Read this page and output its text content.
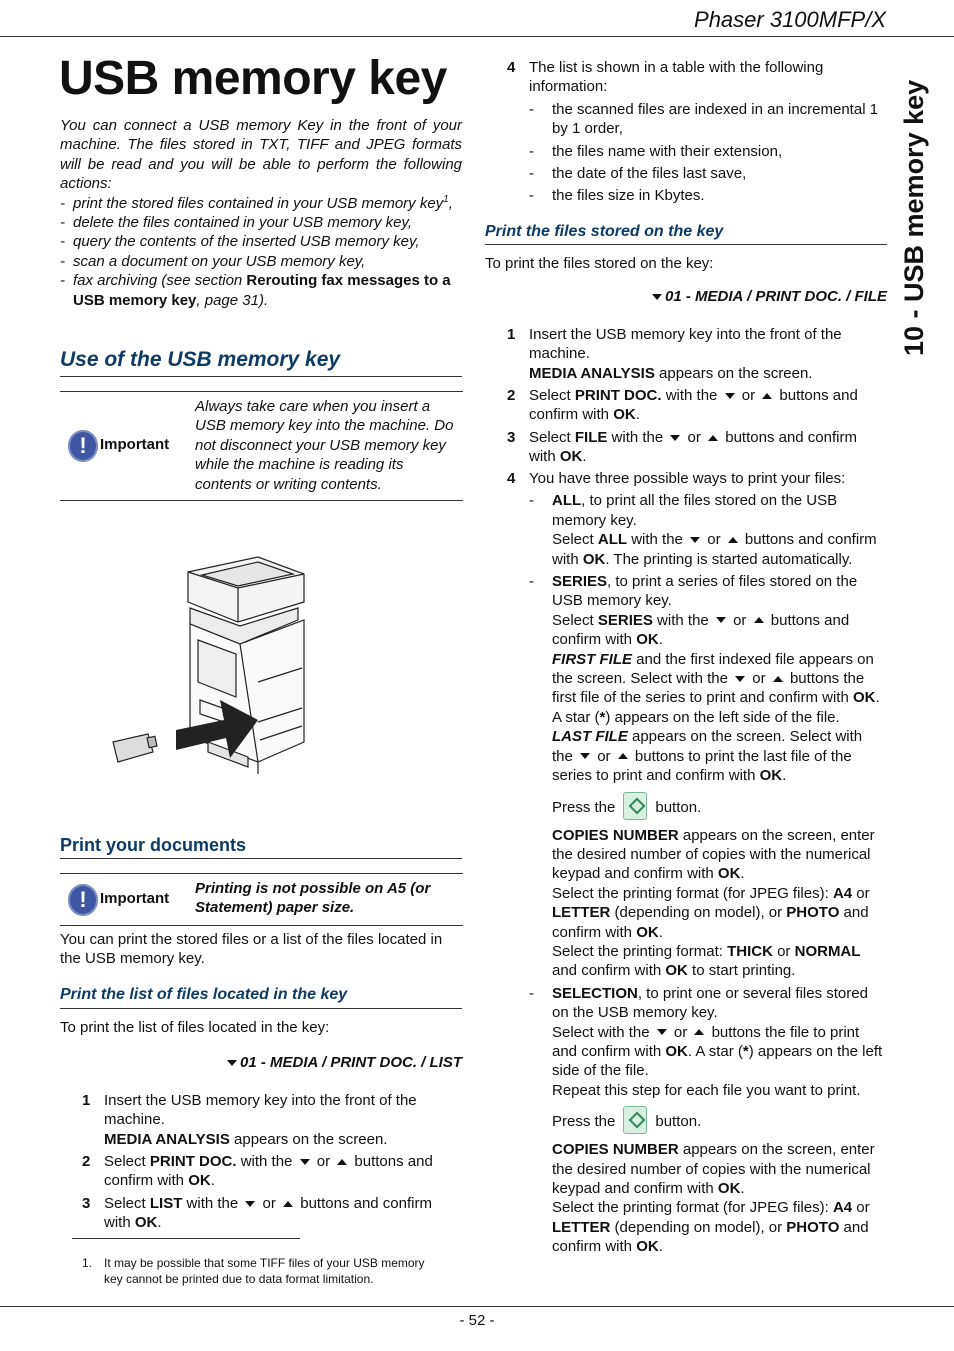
Phaser 3100MFP/X
10 - USB memory key
USB memory key

You can connect a USB memory Key in the front of your machine. The files stored in TXT, TIFF and JPEG formats will be read and you will be able to perform the following actions:

- print the stored files contained in your USB memory key$^1$,
- delete the files contained in your USB memory key,
- query the contents of the inserted USB memory key,
- scan a document on your USB memory key,
- fax archiving (see section Rerouting fax messages to a USB memory key, page 31).
Use of the USB memory key
! Important
Always take care when you insert a USB memory key into the machine. Do not disconnect your USB memory key while the machine is reading its contents or writing contents.
Print your documents
! Important
Printing is not possible on A5 (or Statement) paper size.
You can print the stored files or a list of the files located in the USB memory key.
Print the list of files located in the key
To print the list of files located in the key:
01 - MEDIA / PRINT DOC. / LIST
1 Insert the USB memory key into the front of the machine.
MEDIA ANALYSIS appears on the screen.
2 Select PRINT DOC. with the  or  buttons and confirm with OK.
3 Select LIST with the  or  buttons and confirm with OK.
1. It may be possible that some TIFF files of your USB memory key cannot be printed due to data format limitation.
4 The list is shown in a table with the following information:
-	the scanned files are indexed in an incremental 1 by 1 order,
-	the files name with their extension,
-	the date of the files last save,
-	the files size in Kbytes.
Print the files stored on the key
To print the files stored on the key:
01 - MEDIA / PRINT DOC. / FILE
1 Insert the USB memory key into the front of the machine.
MEDIA ANALYSIS appears on the screen.
2 Select PRINT DOC. with the  or  buttons and confirm with OK.
3 Select FILE with the  or  buttons and confirm with OK.
4 You have three possible ways to print your files:
-	ALL, to print all the files stored on the USB memory key.
Select ALL with the  or  buttons and confirm with OK. The printing is started automatically.
-	SERIES, to print a series of files stored on the USB memory key.
Select SERIES with the  or  buttons and confirm with OK.
FIRST FILE and the first indexed file appears on the screen. Select with the  or  buttons the first file of the series to print and confirm with OK. A star (*) appears on the left side of the file.
LAST FILE appears on the screen. Select with the  or  buttons to print the last file of the series to print and confirm with OK.
Press the	button.
COPIES NUMBER appears on the screen, enter the desired number of copies with the numerical keypad and confirm with OK.
Select the printing format (for JPEG files): A4 or LETTER (depending on model), or PHOTO and confirm with OK.
Select the printing format: THICK or NORMAL and confirm with OK to start printing.
-	SELECTION, to print one or several files stored on the USB memory key.
Select with the  or  buttons the file to print and confirm with OK. A star (*) appears on the left side of the file.
Repeat this step for each file you want to print.
Press the	button.
COPIES NUMBER appears on the screen, enter the desired number of copies with the numerical keypad and confirm with OK.
Select the printing format (for JPEG files): A4 or LETTER (depending on model), or PHOTO and confirm with OK.
- 52 -
